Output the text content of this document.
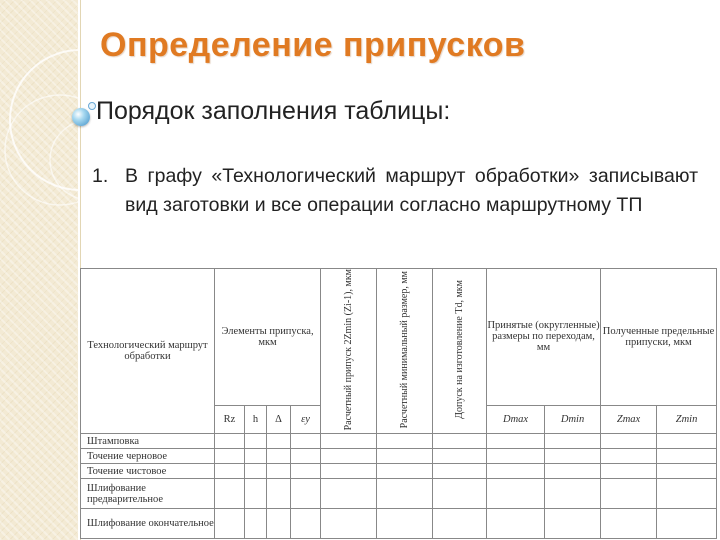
Определение припусков
Порядок заполнения таблицы:
1. В графу «Технологический маршрут обработки» записывают вид заготовки и все операции согласно маршрутному ТП
Технологический маршрут обработки	Элементы припуска, мкм				Расчетный припуск 2Zmin (Zi-1), мкм	Расчетный минимальный размер, мм	Допуск на изготовление Td, мкм	Принятые (округленные) размеры по переходам, мм		Полученные предельные припуски, мкм	
	Rz	h	Δ	εy				Dmax	Dmin	Zmax	Zmin
Штамповка											
Точение черновое											
Точение чистовое											
Шлифование предварительное											
Шлифование окончательное											
